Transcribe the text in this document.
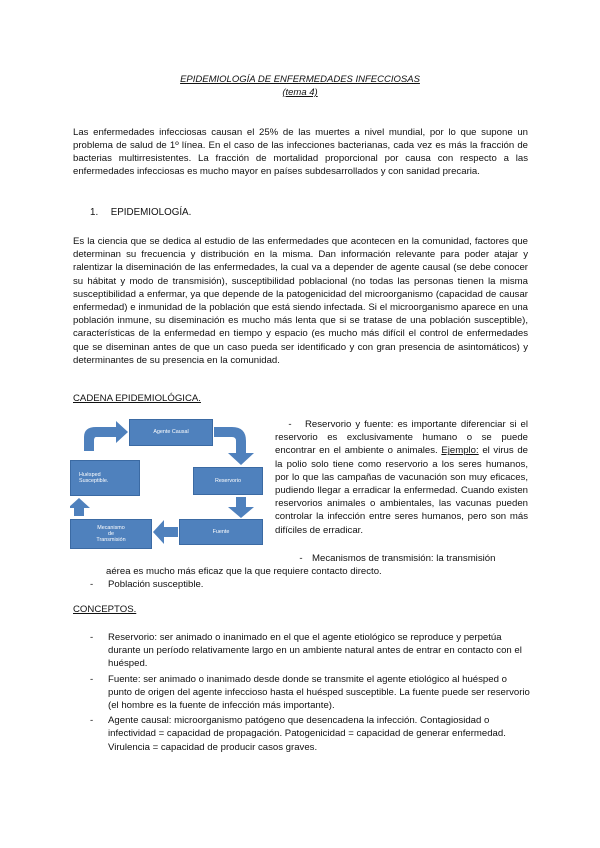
EPIDEMIOLOGÍA DE ENFERMEDADES INFECCIOSAS
(tema 4)

Las enfermedades infecciosas causan el 25% de las muertes a nivel mundial, por lo que supone un problema de salud de 1º línea. En el caso de las infecciones bacterianas, cada vez es más la fracción de bacterias multirresistentes. La fracción de mortalidad proporcional por causa con respecto a las enfermedades infecciosas es mucho mayor en países subdesarrollados y con sanidad precaria.

1. EPIDEMIOLOGÍA.

Es la ciencia que se dedica al estudio de las enfermedades que acontecen en la comunidad, factores que determinan su frecuencia y distribución en la misma. Dan información relevante para poder atajar y ralentizar la diseminación de las enfermedades, la cual va a depender de agente causal (se debe conocer su hábitat y modo de transmisión), susceptibilidad poblacional (no todas las personas tienen la misma susceptibilidad a enfermar, ya que depende de la patogenicidad del microorganismo (capacidad de causar enfermedad) e inmunidad de la población que está siendo infectada. Si el microorganismo aparece en una población inmune, su diseminación es mucho más lenta que si se tratase de una población susceptible), características de la enfermedad en tiempo y espacio (es mucho más difícil el control de enfermedades que se diseminan antes de que un caso pueda ser identificado y con gran presencia de asintomáticos) y determinantes de su presencia en la comunidad.

CADENA EPIDEMIOLÓGICA.
Agente Causal
Reservorio
Fuente
Mecanismo
de
Transmisión
Huésped
Susceptible.

- Reservorio y fuente: es importante diferenciar si el reservorio es exclusivamente humano o se puede encontrar en el ambiente o animales. Ejemplo: el virus de la polio solo tiene como reservorio a los seres humanos, por lo que las campañas de vacunación son muy eficaces, pudiendo llegar a erradicar la enfermedad. Cuando existen reservorios animales o ambientales, las vacunas pueden controlar la infección entre seres humanos, pero son más difíciles de erradicar.

- Mecanismos de transmisión: la transmisión
aérea es mucho más eficaz que la que requiere contacto directo.
- Población susceptible.
CONCEPTOS.
- Reservorio: ser animado o inanimado en el que el agente etiológico se reproduce y perpetúa durante un período relativamente largo en un ambiente natural antes de entrar en contacto con el huésped.
- Fuente: ser animado o inanimado desde donde se transmite el agente etiológico al huésped o punto de origen del agente infeccioso hasta el huésped susceptible. La fuente puede ser reservorio (el hombre es la fuente de infección más importante).
- Agente causal: microorganismo patógeno que desencadena la infección. Contagiosidad o infectividad = capacidad de propagación. Patogenicidad = capacidad de generar enfermedad. Virulencia = capacidad de producir casos graves.
